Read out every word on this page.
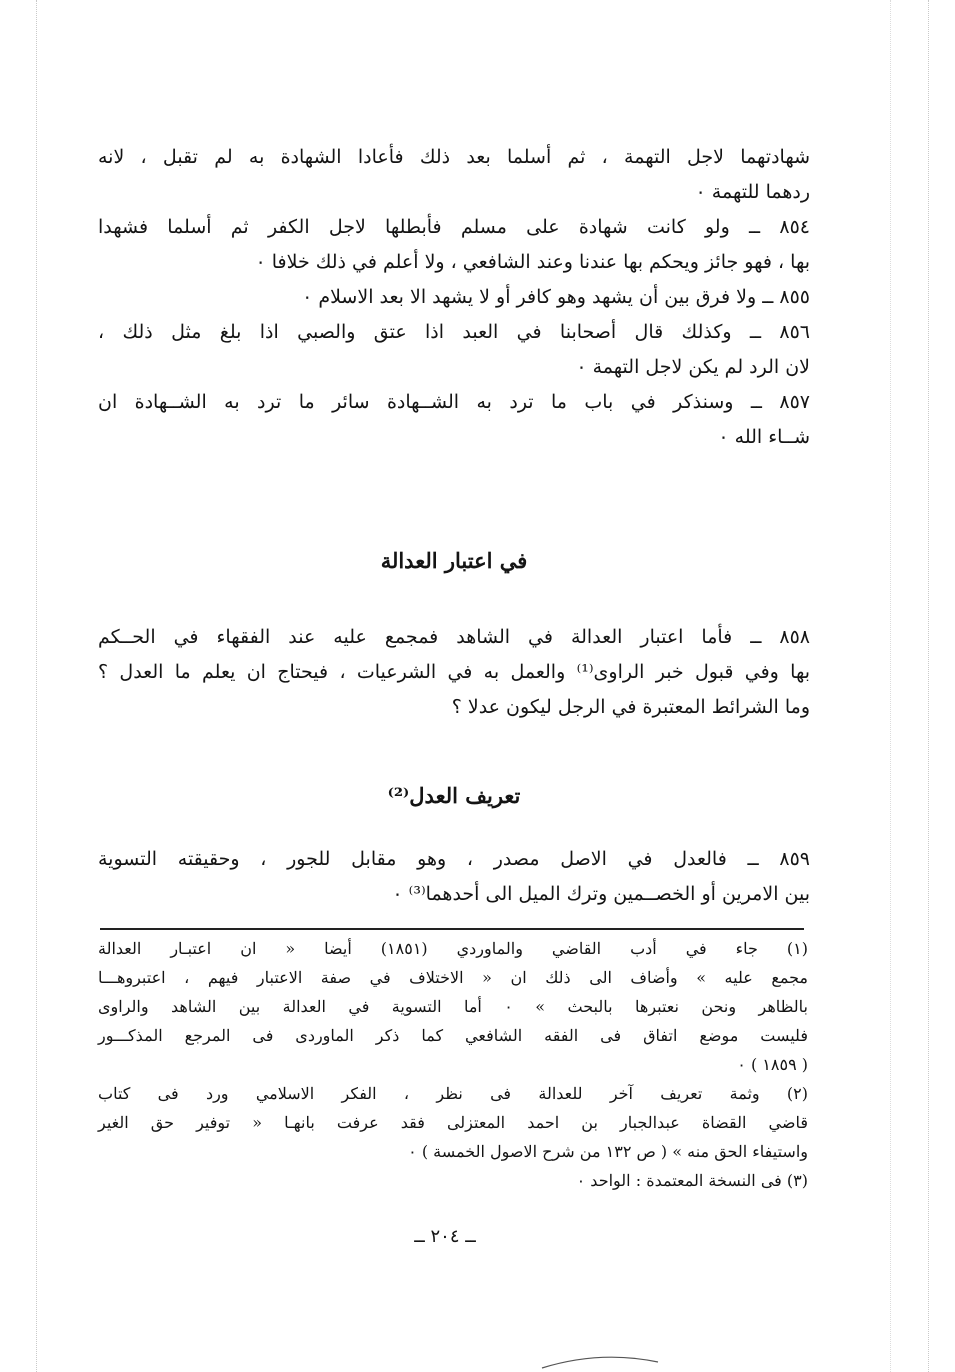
شهادتهما لاجل التهمة ، ثم أسلما بعد ذلك فأعادا الشهادة به لم تقبل ، لانه
ردهما للتهمة ٠
٨٥٤ ــ ولو كانت شهادة على مسلم فأبطلها لاجل الكفر ثم أسلما فشهدا
بها ، فهو جائز ويحكم بها عندنا وعند الشافعي ، ولا أعلم في ذلك خلافا ٠
٨٥٥ ــ ولا فرق بين أن يشهد وهو كافر أو لا يشهد الا بعد الاسلام ٠
٨٥٦ ــ وكذلك قال أصحابنا في العبد اذا عتق والصبي اذا بلغ مثل ذلك ،
لان الرد لم يكن لاجل التهمة ٠
٨٥٧ ــ وسنذكر في باب ما ترد به الشــهادة سائر ما ترد به الشــهادة ان
شــاء الله ٠
في اعتبار العدالة
٨٥٨ ــ فأما اعتبار العدالة في الشاهد فمجمع عليه عند الفقهاء في الحــكم
بها وفي قبول خبر الراوى⁽¹⁾ والعمل به في الشرعيات ، فيحتاج ان يعلم ما العدل ؟
وما الشرائط المعتبرة في الرجل ليكون عدلا ؟
تعريف العدل⁽²⁾
٨٥٩ ــ فالعدل في الاصل مصدر ، وهو مقابل للجور ، وحقيقته التسوية
بين الامرين أو الخصــمين وترك الميل الى أحدهما⁽³⁾ ٠
(١) جاء في أدب القاضي والماوردي (١٨٥١) أيضا « ان اعتبـار العدالة
مجمع عليه » وأضاف الى ذلك ان « الاختلاف في صفة الاعتبار فيهم ، اعتبروهـــا
بالظاهر ونحن نعتبرها بالبحث » ٠ أما التسوية في العدالة بين الشاهد والراوى
فليست موضع اتفاق فى الفقه الشافعي كما ذكر الماوردى فى المرجع المذكـــور
( ١٨٥٩ ) ٠
(٢) وثمة تعريف آخر للعدالة فى نظر ، الفكر الاسلامي ورد فى كتاب
قاضي القضاة عبدالجبار بن احمد المعتزلى فقد عرفت بانهـا « توفير حق الغير
واستيفاء الحق منه » ( ص ١٣٢ من شرح الاصول الخمسة ) ٠
(٣) فى النسخة المعتمدة : الواحد ٠
ــ ٢٠٤ ــ
